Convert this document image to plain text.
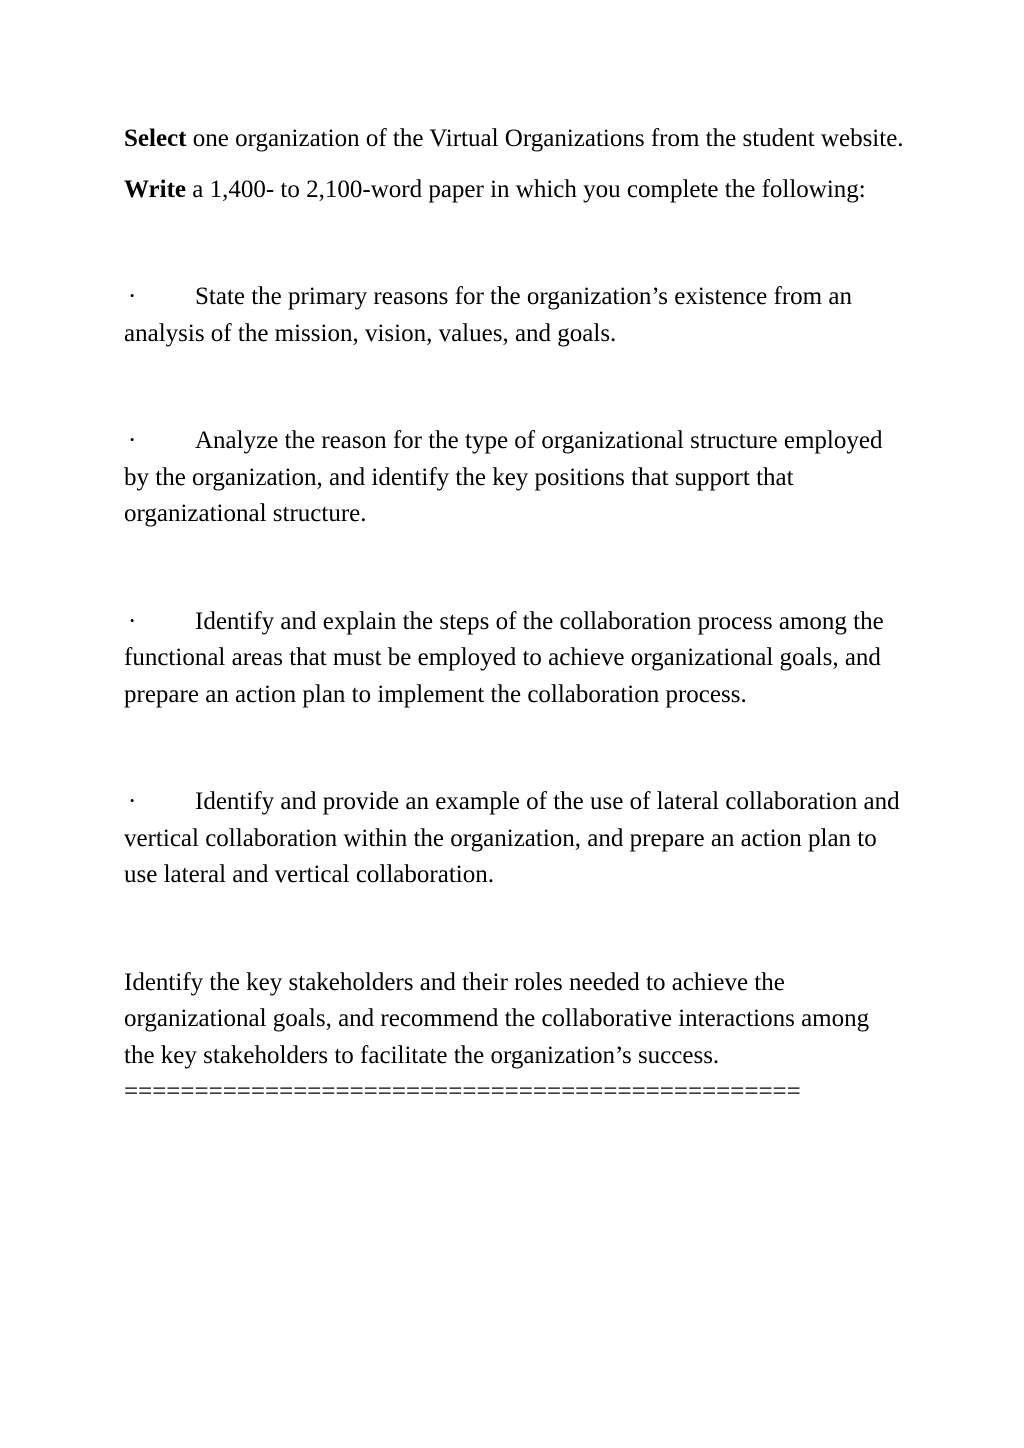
Select one organization of the Virtual Organizations from the student website.

Write a 1,400- to 2,100-word paper in which you complete the following:

· State the primary reasons for the organization’s existence from an analysis of the mission, vision, values, and goals.

· Analyze the reason for the type of organizational structure employed by the organization, and identify the key positions that support that organizational structure.

· Identify and explain the steps of the collaboration process among the functional areas that must be employed to achieve organizational goals, and prepare an action plan to implement the collaboration process.

· Identify and provide an example of the use of lateral collaboration and vertical collaboration within the organization, and prepare an action plan to use lateral and vertical collaboration.

Identify the key stakeholders and their roles needed to achieve the organizational goals, and recommend the collaborative interactions among the key stakeholders to facilitate the organization’s success.

================================================
